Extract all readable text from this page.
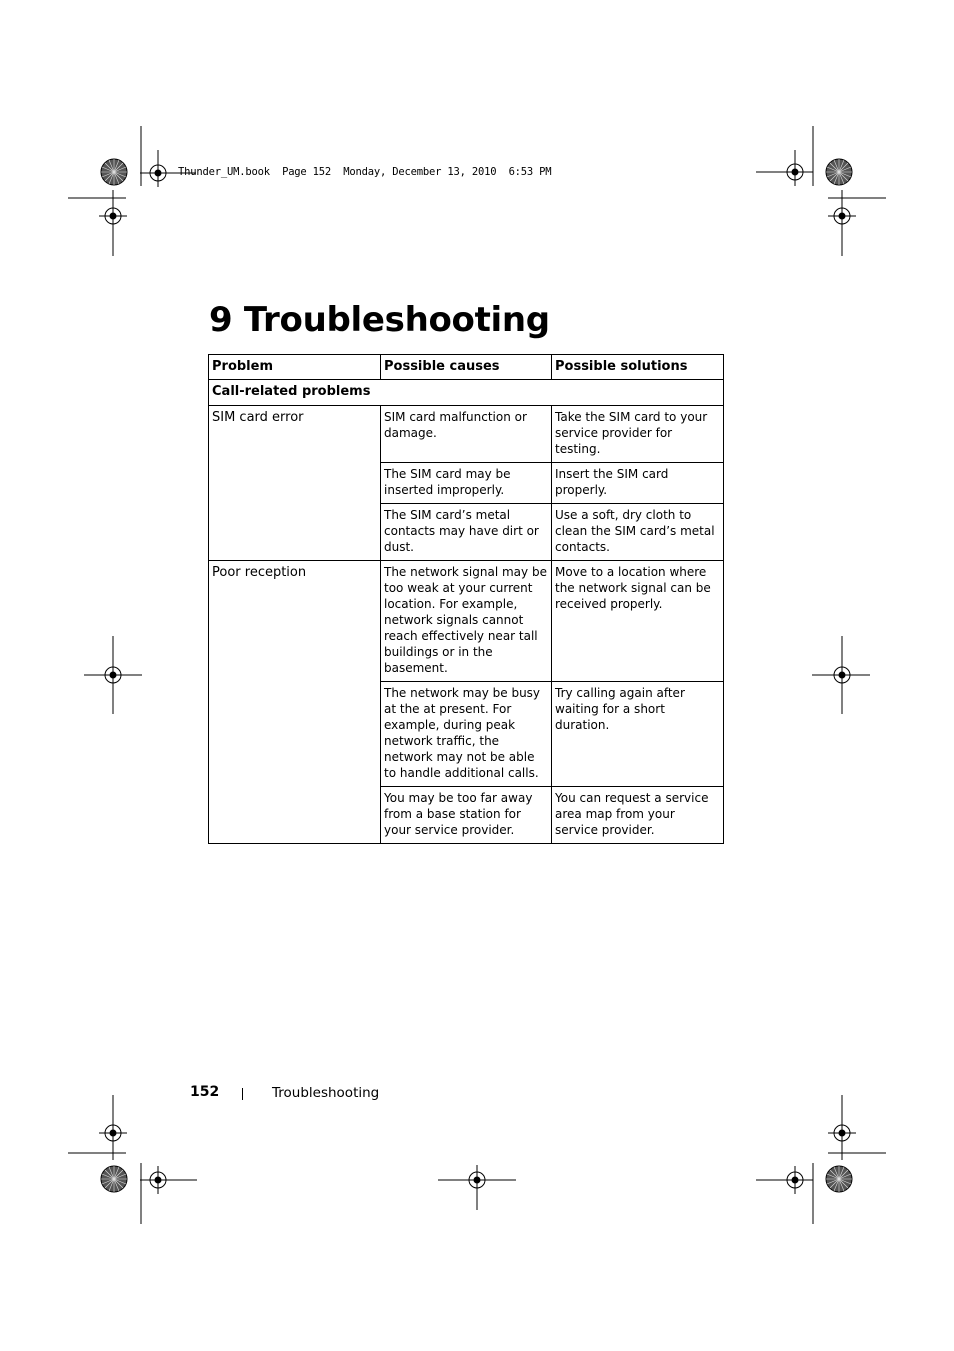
Thunder_UM.book  Page 152  Monday, December 13, 2010  6:53 PM
9 Troubleshooting
Problem	Possible causes	Possible solutions
Call-related problems		
SIM card error	SIM card malfunction or damage.	Take the SIM card to your service provider for testing.
	The SIM card may be inserted improperly.	Insert the SIM card properly.
	The SIM card’s metal contacts may have dirt or dust.	Use a soft, dry cloth to clean the SIM card’s metal contacts.
Poor reception	The network signal may be too weak at your current location. For example, network signals cannot reach effectively near tall buildings or in the basement.	Move to a location where the network signal can be received properly.
	The network may be busy at the at present. For example, during peak network traffic, the network may not be able to handle additional calls.	Try calling again after waiting for a short duration.
	You may be too far away from a base station for your service provider.	You can request a service area map from your service provider.
152	Troubleshooting
